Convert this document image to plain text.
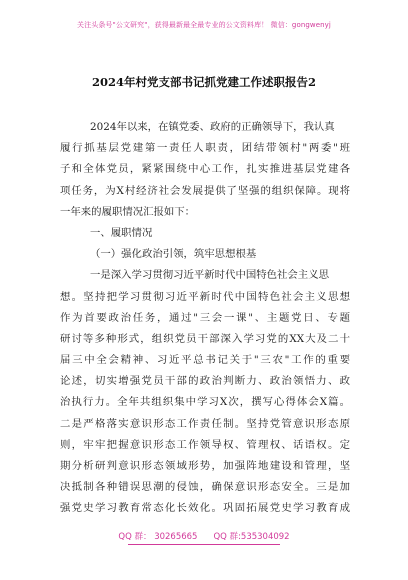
关注头条号"公文研究"，获得最新最全最专业的公文资料库！ 微信：gongwenyj
2024年村党支部书记抓党建工作述职报告2
2024年以来，在镇党委、政府的正确领导下，我认真
履行抓基层党建第一责任人职责，团结带领村"两委"班
子和全体党员，紧紧围绕中心工作，扎实推进基层党建各
项任务，为X村经济社会发展提供了坚强的组织保障。现将
一年来的履职情况汇报如下：
一、履职情况
（一）强化政治引领，筑牢思想根基
一是深入学习贯彻习近平新时代中国特色社会主义思
想。坚持把学习贯彻习近平新时代中国特色社会主义思想
作为首要政治任务，通过"三会一课"、主题党日、专题
研讨等多种形式，组织党员干部深入学习党的XX大及二十
届三中全会精神、习近平总书记关于"三农"工作的重要
论述，切实增强党员干部的政治判断力、政治领悟力、政
治执行力。全年共组织集中学习X次，撰写心得体会X篇。
二是严格落实意识形态工作责任制。坚持党管意识形态原
则，牢牢把握意识形态工作领导权、管理权、话语权。定
期分析研判意识形态领域形势，加强阵地建设和管理，坚
决抵制各种错误思潮的侵蚀，确保意识形态安全。三是加
强党史学习教育常态化长效化。巩固拓展党史学习教育成
QQ 群： 30265665 QQ 群:535304092
